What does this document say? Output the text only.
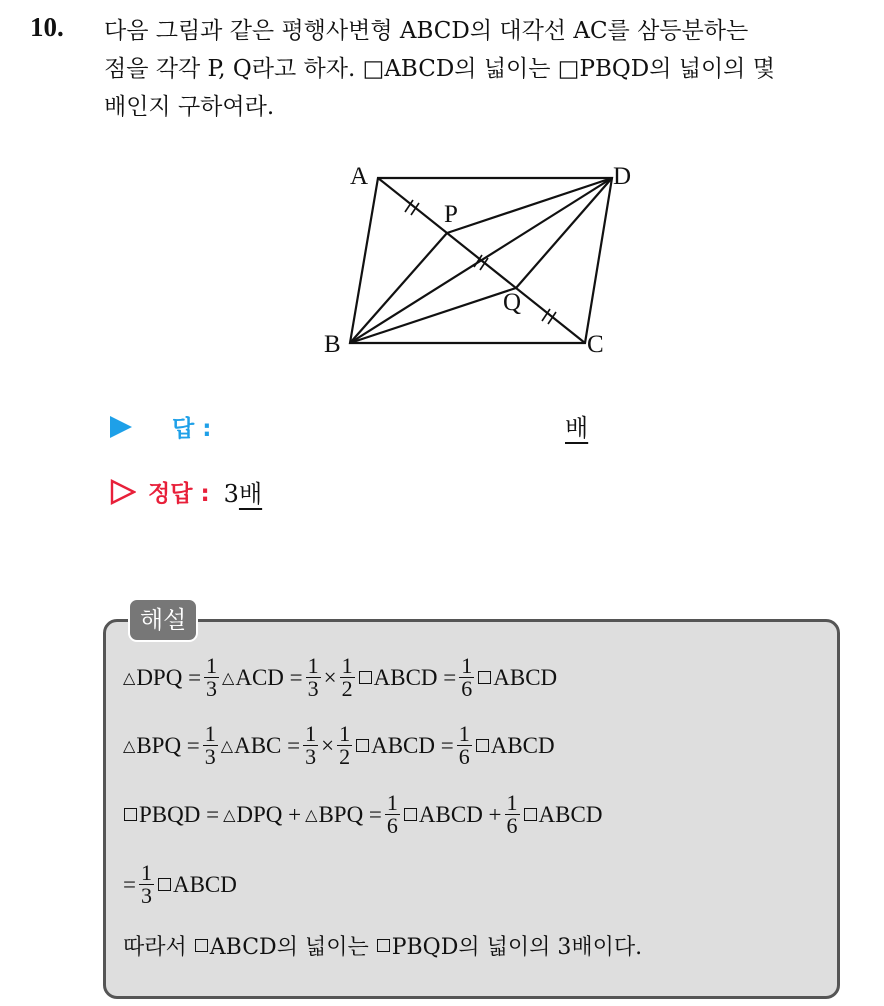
10. 다음 그림과 같은 평행사변형 ABCD의 대각선 AC를 삼등분하는
점을 각각 P, Q라고 하자. □ABCD의 넓이는 □PBQD의 넓이의 몇
배인지 구하여라.
A	D
P
Q
B	C
답 :	배
정답 : 3배
해설
△ DPQ = $\frac{1}{3}$ △ ACD = $\frac{1}{3} \times \frac{1}{2}$ ABCD = $\frac{1}{6}$ ABCD
△ BPQ = $\frac{1}{3}$ △ ABC = $\frac{1}{3} \times \frac{1}{2}$ ABCD = $\frac{1}{6}$ ABCD
PBQD = △ DPQ + △ BPQ = $\frac{1}{6}$ ABCD + $\frac{1}{6}$ ABCD
= $\frac{1}{3}$ ABCD
따라서
ABCD의 넓이는
PBQD의 넓이의 3배이다.
